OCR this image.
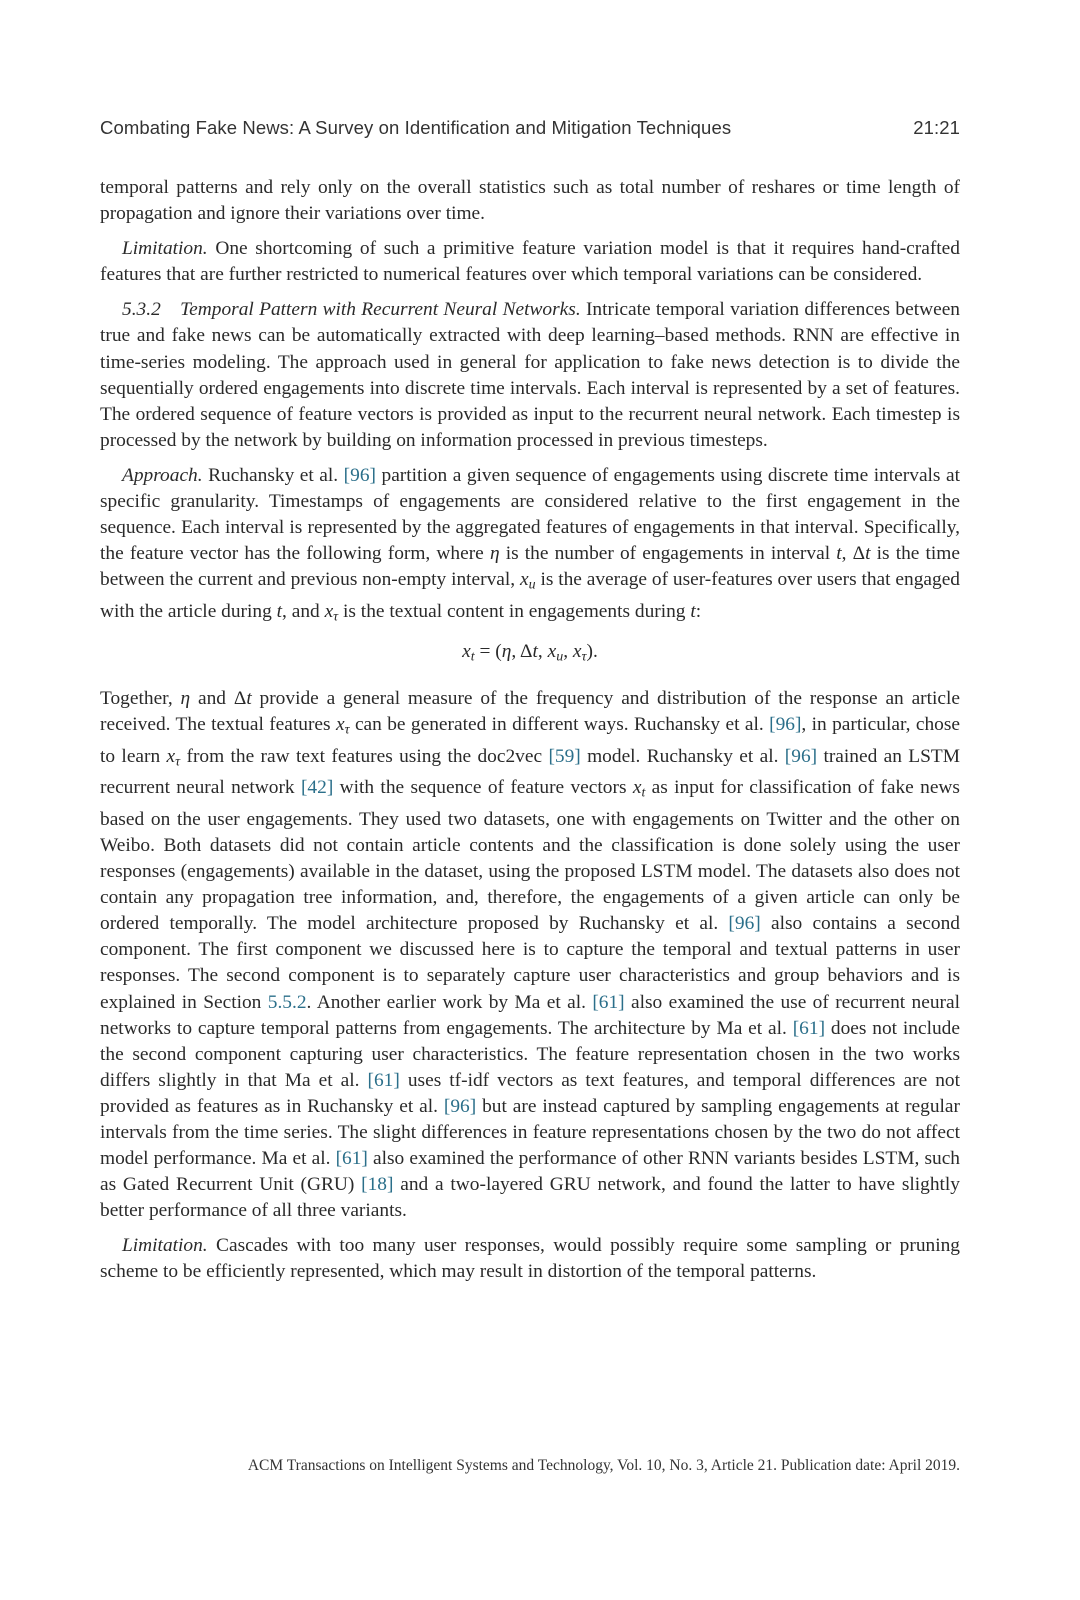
Combating Fake News: A Survey on Identification and Mitigation Techniques	21:21

temporal patterns and rely only on the overall statistics such as total number of reshares or time length of propagation and ignore their variations over time.

Limitation. One shortcoming of such a primitive feature variation model is that it requires hand-crafted features that are further restricted to numerical features over which temporal variations can be considered.

5.3.2 Temporal Pattern with Recurrent Neural Networks. Intricate temporal variation differences between true and fake news can be automatically extracted with deep learning–based methods. RNN are effective in time-series modeling. The approach used in general for application to fake news detection is to divide the sequentially ordered engagements into discrete time intervals. Each interval is represented by a set of features. The ordered sequence of feature vectors is provided as input to the recurrent neural network. Each timestep is processed by the network by building on information processed in previous timesteps.

Approach. Ruchansky et al. [96] partition a given sequence of engagements using discrete time intervals at specific granularity. Timestamps of engagements are considered relative to the first engagement in the sequence. Each interval is represented by the aggregated features of engagements in that interval. Specifically, the feature vector has the following form, where η is the number of engagements in interval t, Δt is the time between the current and previous non-empty interval, $x_u$ is the average of user-features over users that engaged with the article during t, and $x_\tau$ is the textual content in engagements during t:

$x_t = (\eta$, Δt, $x_u$, $x_\tau$).

Together, η and Δt provide a general measure of the frequency and distribution of the response an article received. The textual features $x_\tau$ can be generated in different ways. Ruchansky et al. [96], in particular, chose to learn $x_\tau$ from the raw text features using the doc2vec [59] model. Ruchansky et al. [96] trained an LSTM recurrent neural network [42] with the sequence of feature vectors $x_t$ as input for classification of fake news based on the user engagements. They used two datasets, one with engagements on Twitter and the other on Weibo. Both datasets did not contain article contents and the classification is done solely using the user responses (engagements) available in the dataset, using the proposed LSTM model. The datasets also does not contain any propagation tree information, and, therefore, the engagements of a given article can only be ordered temporally. The model architecture proposed by Ruchansky et al. [96] also contains a second component. The first component we discussed here is to capture the temporal and textual patterns in user responses. The second component is to separately capture user characteristics and group behaviors and is explained in Section 5.5.2. Another earlier work by Ma et al. [61] also examined the use of recurrent neural networks to capture temporal patterns from engagements. The architecture by Ma et al. [61] does not include the second component capturing user characteristics. The feature representation chosen in the two works differs slightly in that Ma et al. [61] uses tf-idf vectors as text features, and temporal differences are not provided as features as in Ruchansky et al. [96] but are instead captured by sampling engagements at regular intervals from the time series. The slight differences in feature representations chosen by the two do not affect model performance. Ma et al. [61] also examined the performance of other RNN variants besides LSTM, such as Gated Recurrent Unit (GRU) [18] and a two-layered GRU network, and found the latter to have slightly better performance of all three variants.

Limitation. Cascades with too many user responses, would possibly require some sampling or pruning scheme to be efficiently represented, which may result in distortion of the temporal patterns.

ACM Transactions on Intelligent Systems and Technology, Vol. 10, No. 3, Article 21. Publication date: April 2019.
